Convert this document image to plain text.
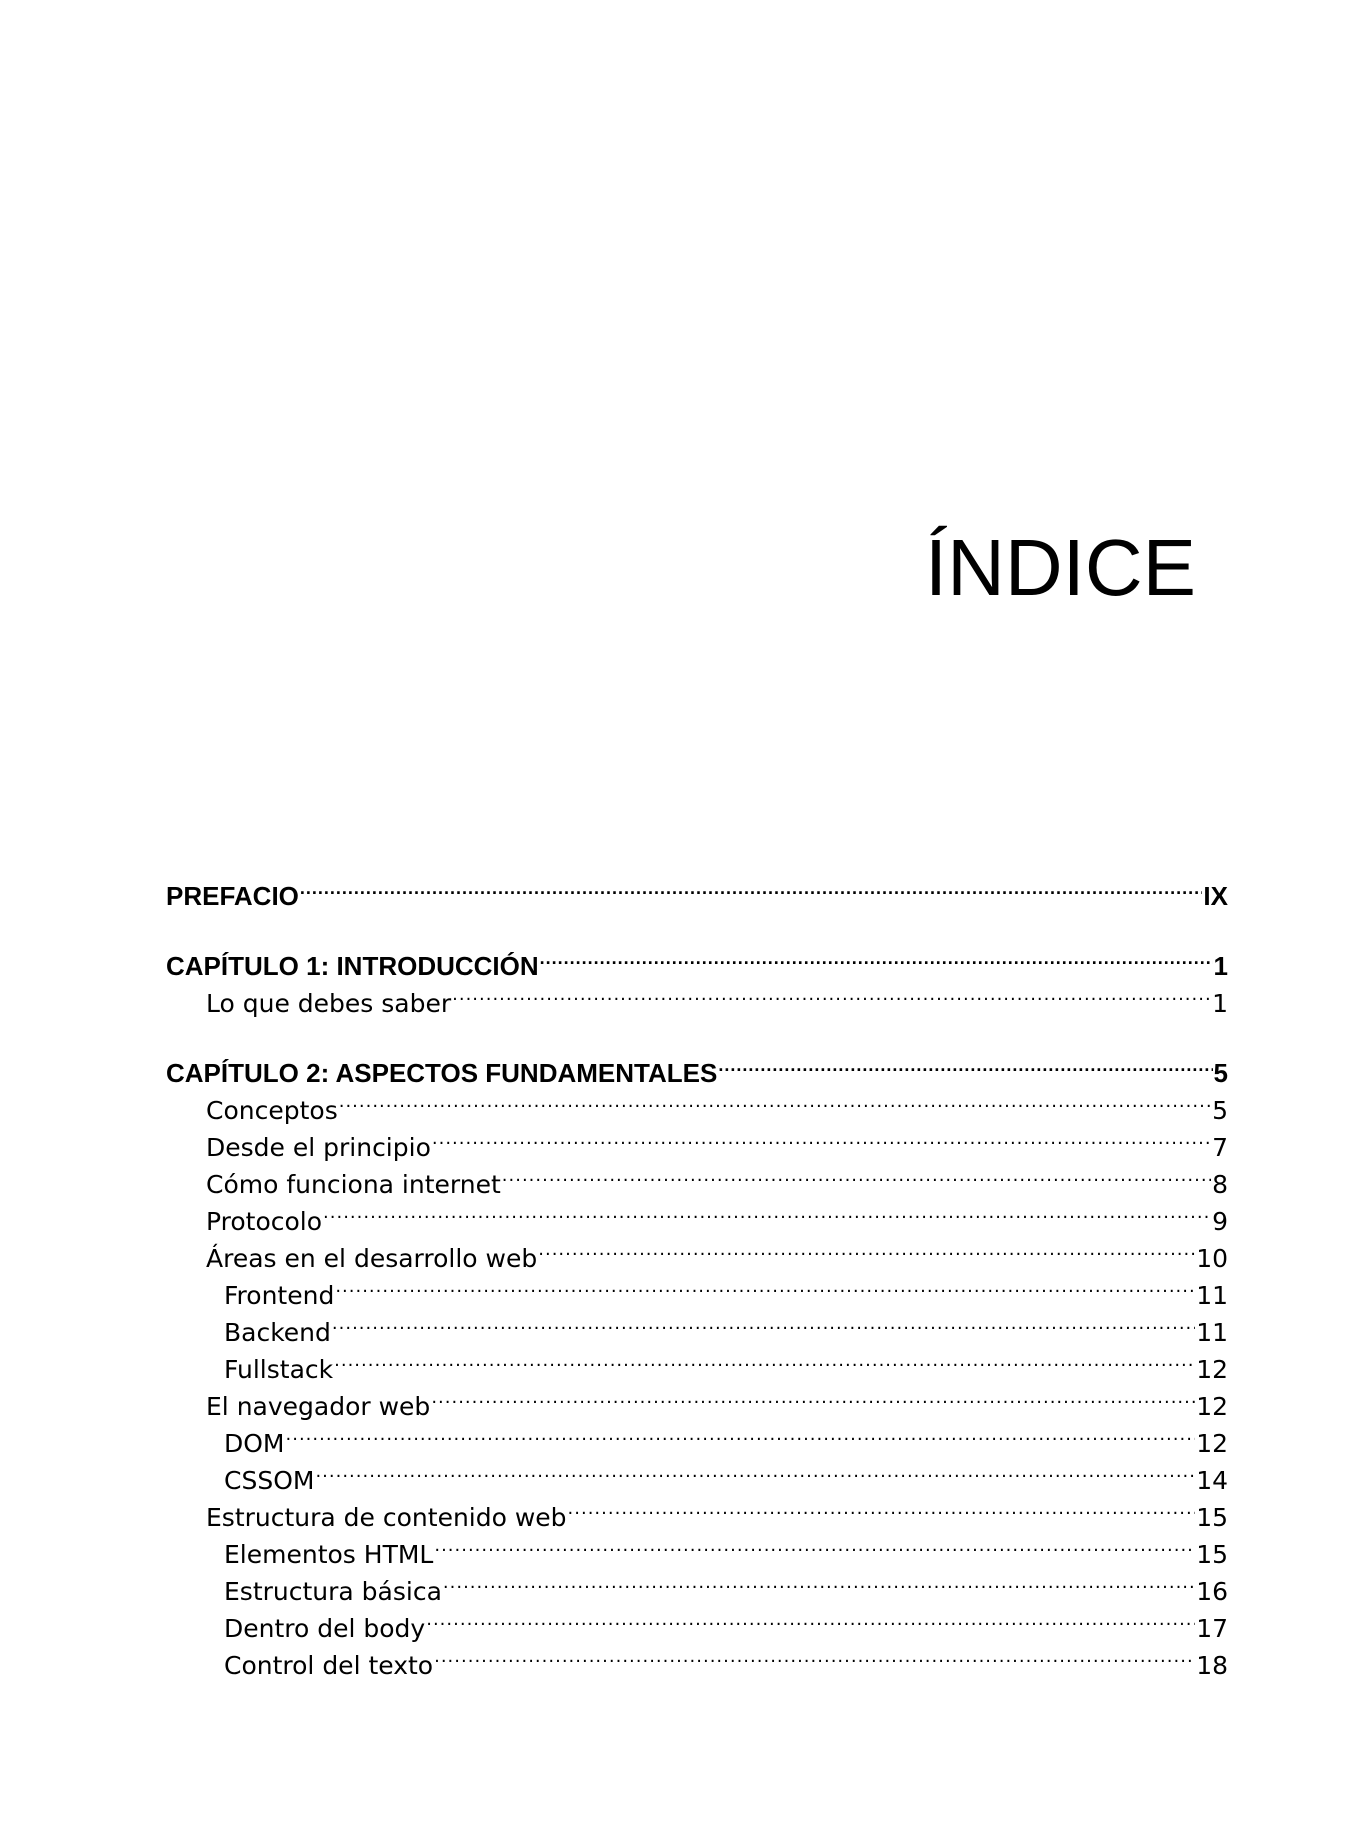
ÍNDICE
PREFACIO .....	IX
CAPÍTULO 1: INTRODUCCIÓN .....	1
Lo que debes saber .....	1
CAPÍTULO 2: ASPECTOS FUNDAMENTALES .....	5
Conceptos .....	5
Desde el principio .....	7
Cómo funciona internet .....	8
Protocolo .....	9
Áreas en el desarrollo web .....	10
Frontend .....	11
Backend .....	11
Fullstack .....	12
El navegador web .....	12
DOM .....	12
CSSOM .....	14
Estructura de contenido web .....	15
Elementos HTML .....	15
Estructura básica .....	16
Dentro del body .....	17
Control del texto .....	18
